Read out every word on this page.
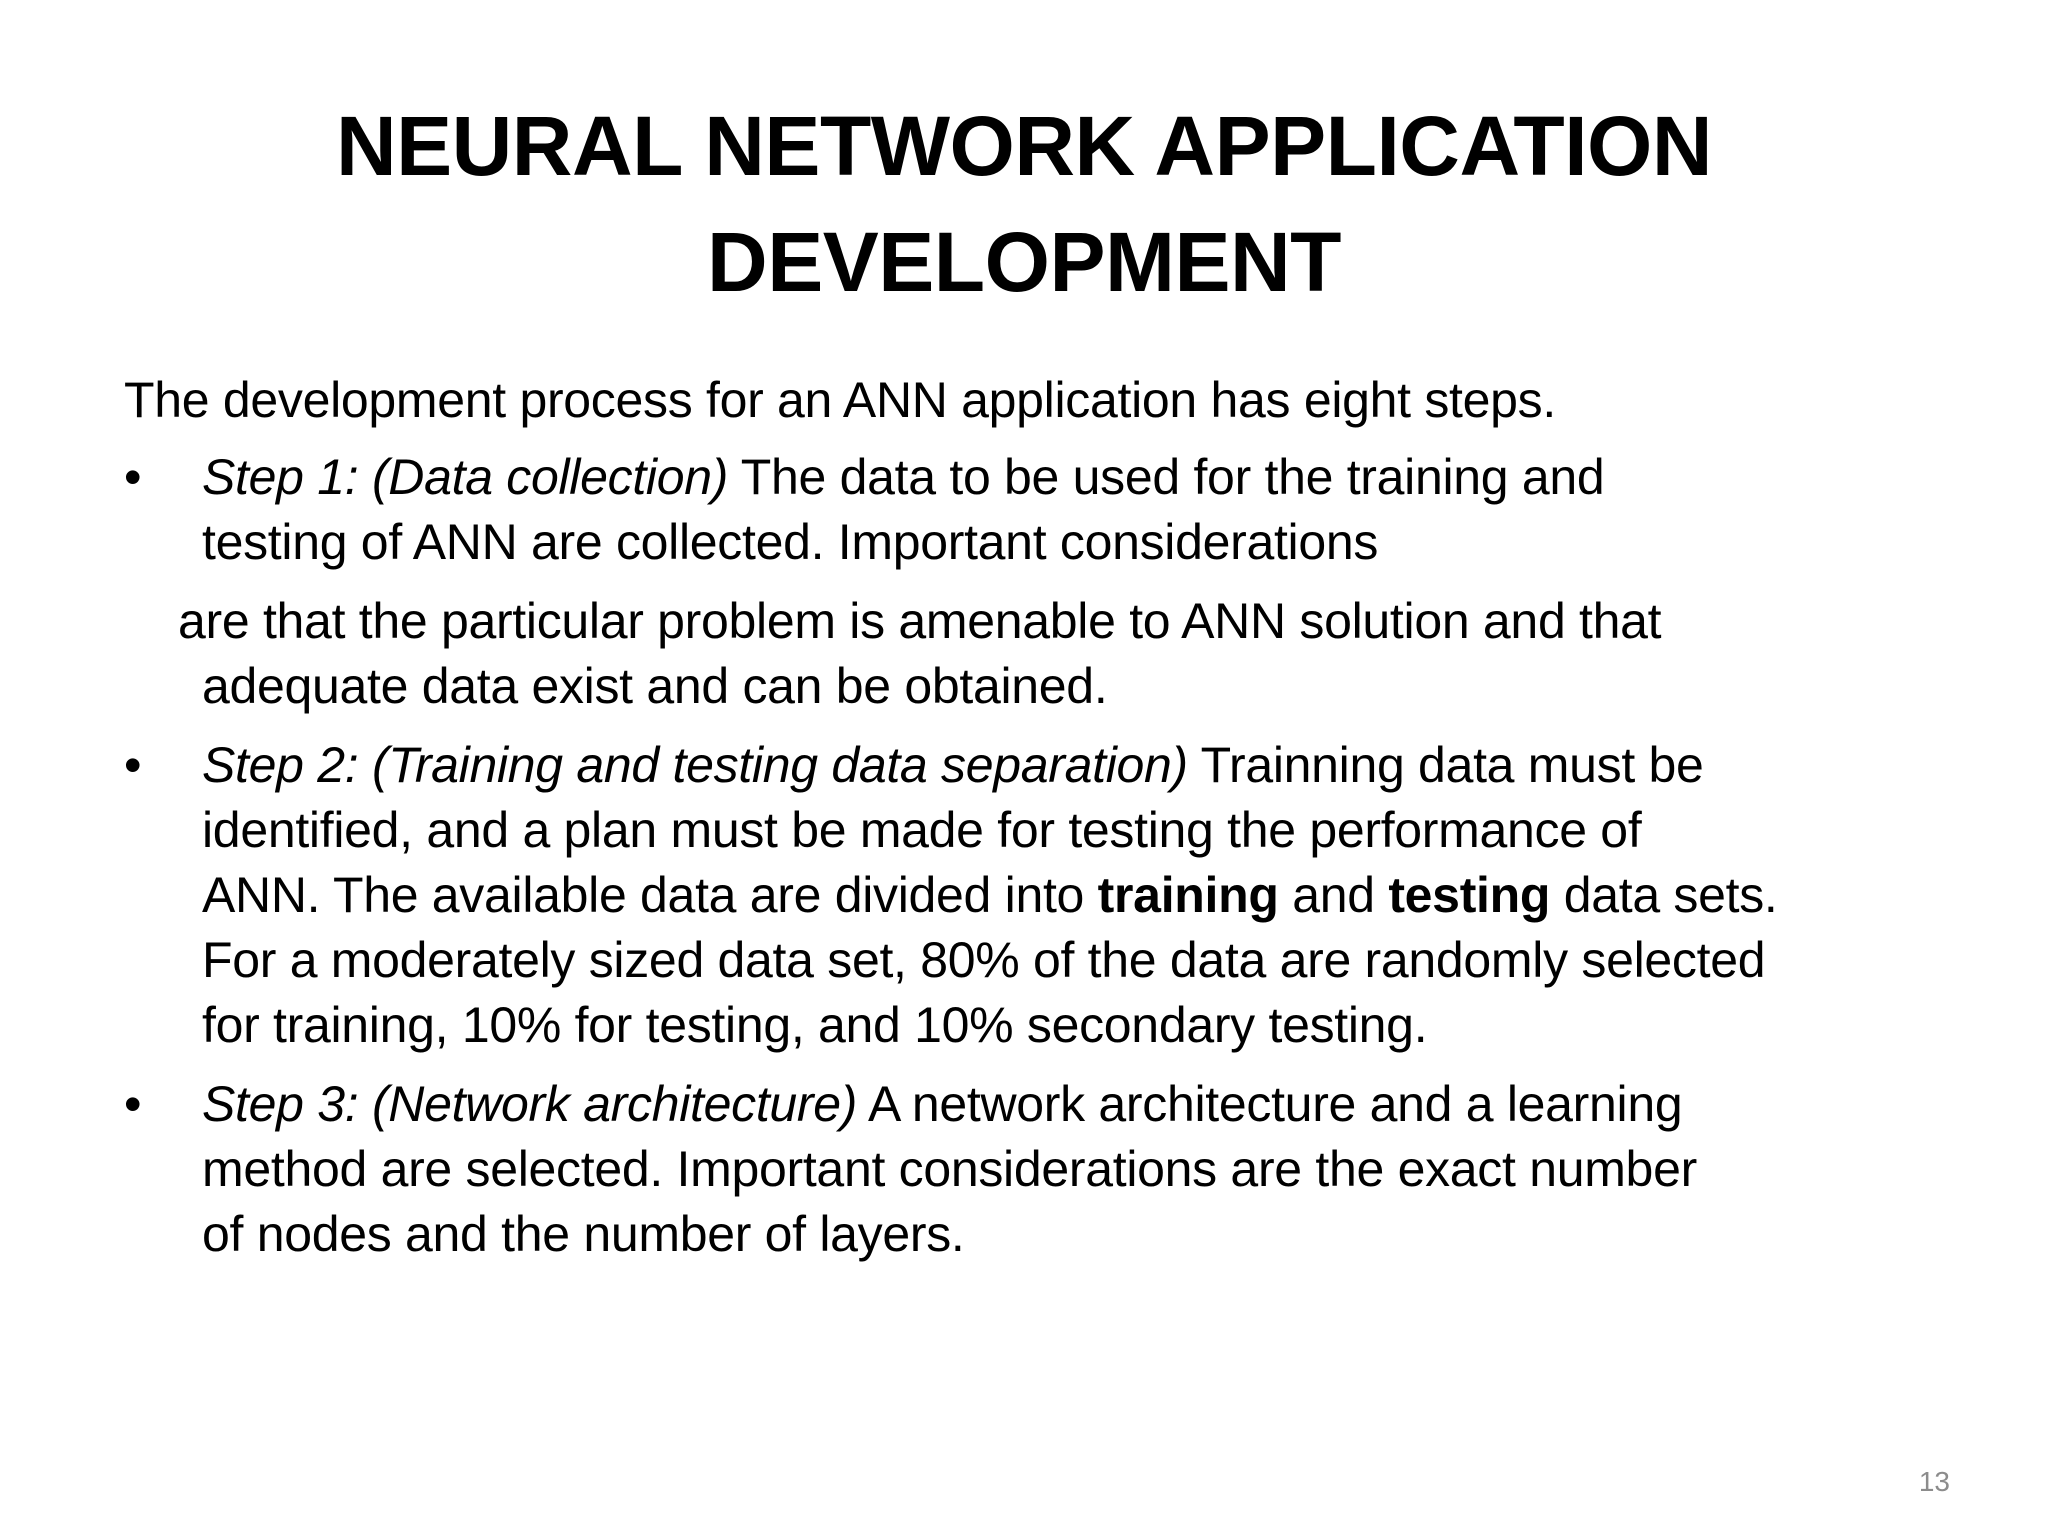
NEURAL NETWORK APPLICATION
DEVELOPMENT

The development process for an ANN application has eight steps.

•	Step 1: (Data collection) The data to be used for the training and
testing of ANN are collected. Important considerations
are that the particular problem is amenable to ANN solution and that
adequate data exist and can be obtained.
•	Step 2: (Training and testing data separation) Trainning data must be
identified, and a plan must be made for testing the performance of
ANN. The available data are divided into training and testing data sets.
For a moderately sized data set, 80% of the data are randomly selected
for training, 10% for testing, and 10% secondary testing.
•	Step 3: (Network architecture) A network architecture and a learning
method are selected. Important considerations are the exact number
of nodes and the number of layers.
13
